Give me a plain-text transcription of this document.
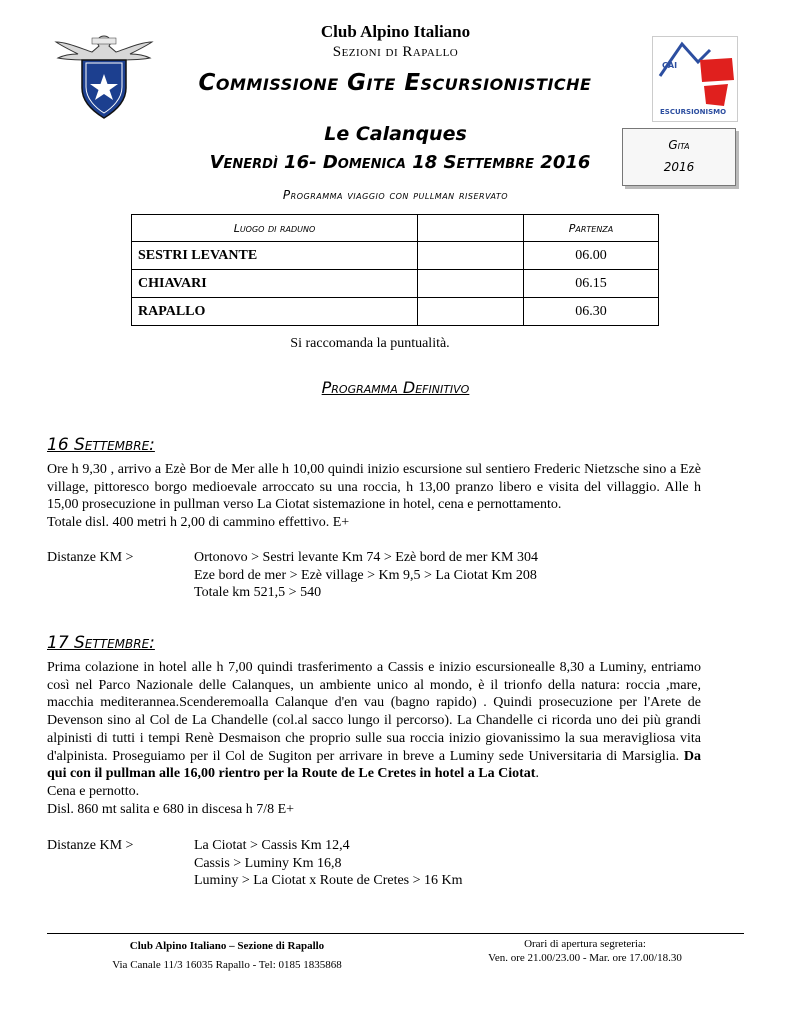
CAI
ESCURSIONISMO
Club Alpino Italiano
Sezioni di Rapallo
Commissione Gite Escursionistiche
Le Calanques
Venerdì 16- Domenica 18 Settembre 2016
Gita
2016
Programma viaggio con pullman riservato
Luogo di raduno		Partenza
SESTRI LEVANTE		06.00
CHIAVARI		06.15
RAPALLO		06.30
Si raccomanda la puntualità.
Programma Definitivo
16 Settembre:

Ore h 9,30 , arrivo a Ezè Bor de Mer alle h 10,00 quindi inizio escursione sul sentiero Frederic Nietzsche sino a Ezè village, pittoresco borgo medioevale arroccato su una roccia, h 13,00 pranzo libero e visita del villaggio. Alle h 15,00 prosecuzione in pullman verso La Ciotat sistemazione in hotel, cena e pernottamento.

Totale disl. 400 metri h 2,00 di cammino effettivo. E+

Distanze KM >	Ortonovo > Sestri levante Km 74 > Ezè bord de mer KM 304
Eze bord de mer > Ezè village > Km 9,5 > La Ciotat Km 208
Totale km 521,5 > 540
17 Settembre:

Prima colazione in hotel alle h 7,00 quindi trasferimento a Cassis e inizio escursionealle 8,30 a Luminy, entriamo così nel Parco Nazionale delle Calanques, un ambiente unico al mondo, è il trionfo della natura: roccia ,mare, macchia mediterannea.Scenderemoalla Calanque d'en vau (bagno rapido) . Quindi prosecuzione per l'Arete de Devenson sino al Col de La Chandelle (col.al sacco lungo il percorso). La Chandelle ci ricorda uno dei più grandi alpinisti di tutti i tempi Renè Desmaison che proprio sulle sua roccia inizio giovanissimo la sua meravigliosa vita d'alpinista. Proseguiamo per il Col de Sugiton per arrivare in breve a Luminy sede Universitaria di Marsiglia. Da qui con il pullman alle 16,00 rientro per la Route de Le Cretes in hotel a La Ciotat.

Cena e pernotto.

Disl. 860 mt salita e 680 in discesa h 7/8 E+

Distanze KM >	La Ciotat > Cassis Km 12,4
Cassis > Luminy Km 16,8
Luminy > La Ciotat x Route de Cretes > 16 Km
Club Alpino Italiano – Sezione di Rapallo
Via Canale 11/3 16035 Rapallo - Tel: 0185 1835868
Orari di apertura segreteria:
Ven. ore 21.00/23.00 - Mar. ore 17.00/18.30
